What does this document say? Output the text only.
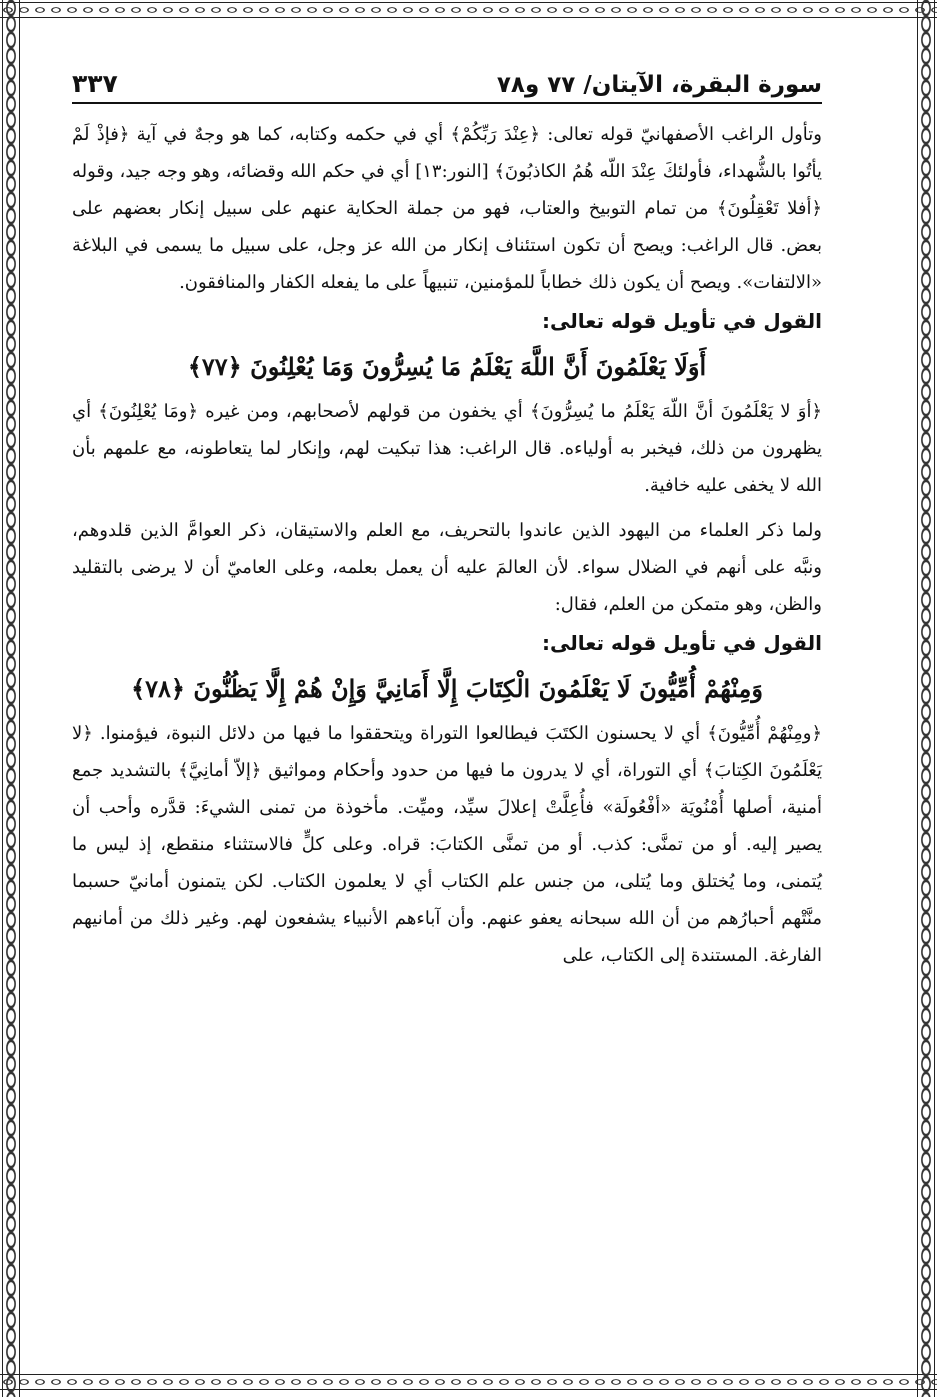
سورة البقرة، الآيتان/ ٧٧ و٧٨
٣٣٧

وتأول الراغب الأصفهانيّ قوله تعالى: ﴿عِنْدَ رَبِّكُمْ﴾ أي في حكمه وكتابه، كما هو وجهٌ في آية ﴿فإذْ لَمْ يأتُوا بالشُّهداء، فأولئكَ عِنْدَ اللّه هُمُ الكاذبُونَ﴾ [النور:١٣] أي في حكم الله وقضائه، وهو وجه جيد، وقوله ﴿أفلا تَعْقِلُونَ﴾ من تمام التوبيخ والعتاب، فهو من جملة الحكاية عنهم على سبيل إنكار بعضهم على بعض. قال الراغب: ويصح أن تكون استئناف إنكار من الله عز وجل، على سبيل ما يسمى في البلاغة «الالتفات». ويصح أن يكون ذلك خطاباً للمؤمنين، تنبيهاً على ما يفعله الكفار والمنافقون.

القول في تأويل قوله تعالى:

أَوَلَا يَعْلَمُونَ أَنَّ اللَّهَ يَعْلَمُ مَا يُسِرُّونَ وَمَا يُعْلِنُونَ ﴿٧٧﴾

﴿أوَ لا يَعْلَمُونَ أنَّ اللّهَ يَعْلَمُ ما يُسِرُّونَ﴾ أي يخفون من قولهم لأصحابهم، ومن غيره ﴿ومَا يُعْلِنُونَ﴾ أي يظهرون من ذلك، فيخبر به أولياءه. قال الراغب: هذا تبكيت لهم، وإنكار لما يتعاطونه، مع علمهم بأن الله لا يخفى عليه خافية.

ولما ذكر العلماء من اليهود الذين عاندوا بالتحريف، مع العلم والاستيقان، ذكر العوامَّ الذين قلدوهم، ونبَّه على أنهم في الضلال سواء. لأن العالمَ عليه أن يعمل بعلمه، وعلى العاميّ أن لا يرضى بالتقليد والظن، وهو متمكن من العلم، فقال:

القول في تأويل قوله تعالى:

وَمِنْهُمْ أُمِّيُّونَ لَا يَعْلَمُونَ الْكِتَابَ إِلَّا أَمَانِيَّ وَإِنْ هُمْ إِلَّا يَظُنُّونَ ﴿٧٨﴾

﴿ومِنْهُمْ أُمِّيُّونَ﴾ أي لا يحسنون الكتَبَ فيطالعوا التوراة ويتحققوا ما فيها من دلائل النبوة، فيؤمنوا. ﴿لا يَعْلَمُونَ الكِتابَ﴾ أي التوراة، أي لا يدرون ما فيها من حدود وأحكام ومواثيق ﴿إلاّ أمانِيَّ﴾ بالتشديد جمع أمنية، أصلها أُمْنُويَة «أفْعُولَة» فأُعِلَّتْ إعلالَ سيِّد، وميِّت. مأخوذة من تمنى الشيءَ: قدَّره وأحب أن يصير إليه. أو من تمنَّى: كذب. أو من تمنَّى الكتابَ: قراه. وعلى كلٍّ فالاستثناء منقطع، إذ ليس ما يُتمنى، وما يُختلق وما يُتلى، من جنس علم الكتاب أي لا يعلمون الكتاب. لكن يتمنون أمانيّ حسبما منَّتْهم أحبارُهم من أن الله سبحانه يعفو عنهم. وأن آباءهم الأنبياء يشفعون لهم. وغير ذلك من أمانيهم الفارغة. المستندة إلى الكتاب، على
